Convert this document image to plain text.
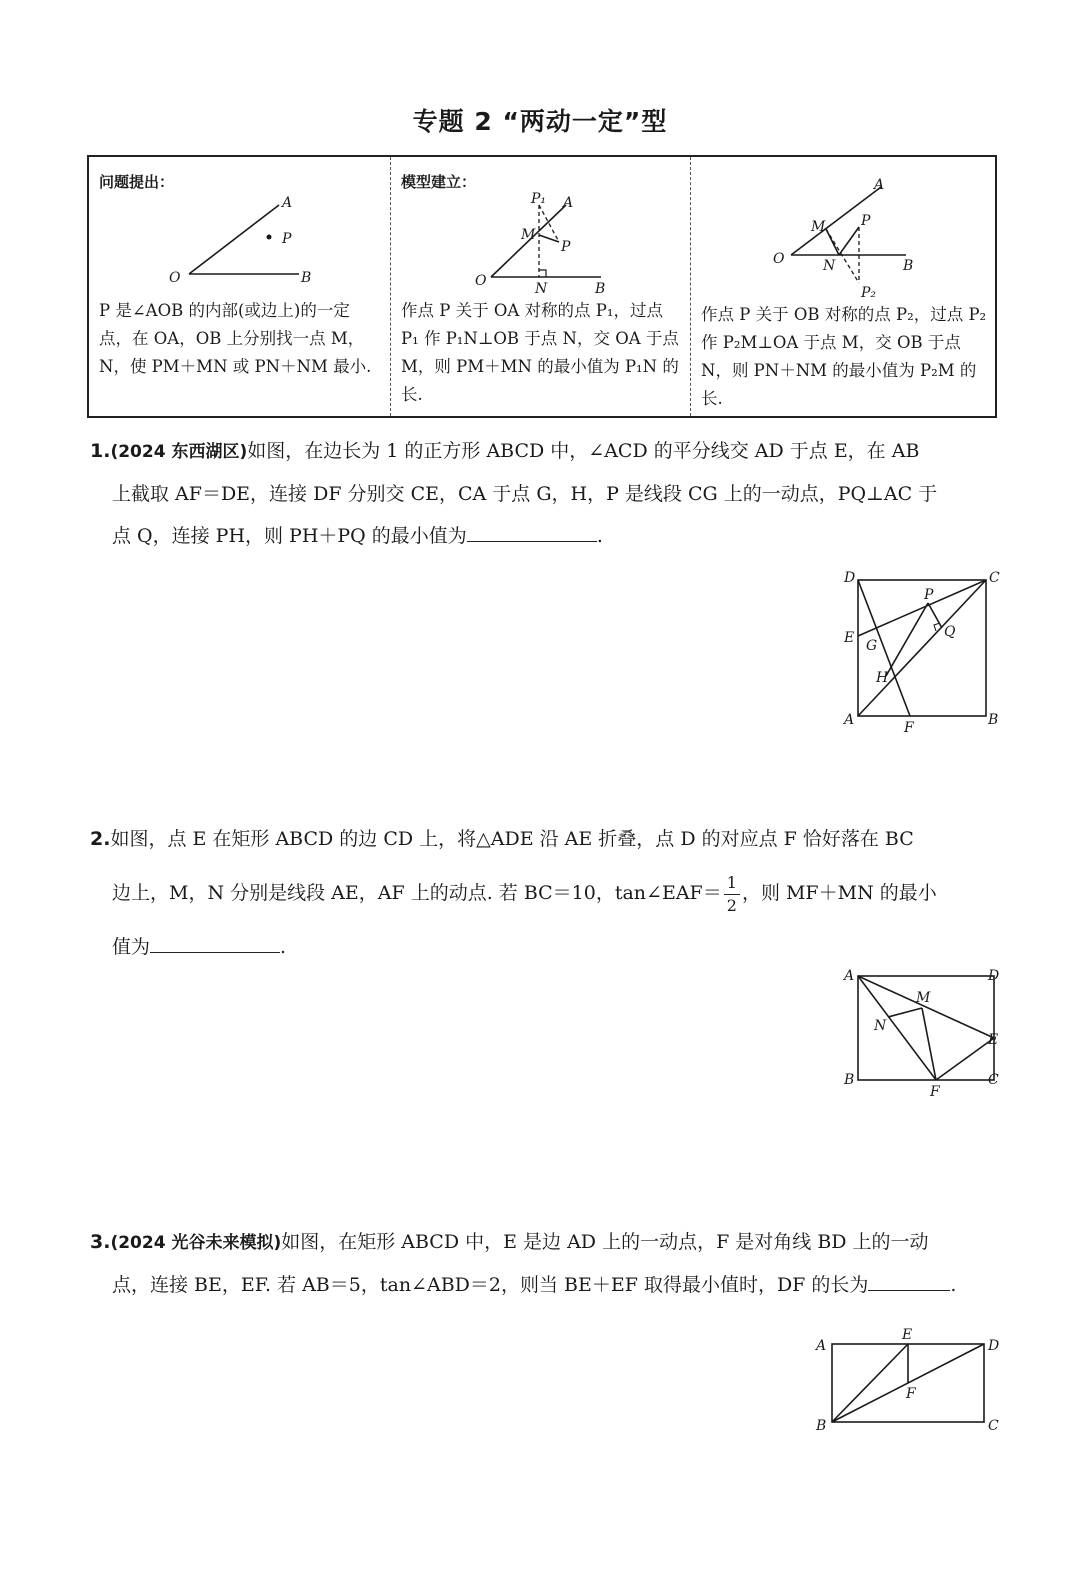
专题 2 “两动一定”型
问题提出：
A
P
O	B
P 是∠AOB 的内部(或边上)的一定点，在 OA，OB 上分别找一点 M，N，使 PM＋MN 或 PN＋NM 最小.
模型建立：
P₁ A
M
P
O	N	B
作点 P 关于 OA 对称的点 P₁，过点 P₁ 作 P₁N⊥OB 于点 N，交 OA 于点 M，则 PM＋MN 的最小值为 P₁N 的长.
A
M	P
O	N	B
P₂
作点 P 关于 OB 对称的点 P₂，过点 P₂ 作 P₂M⊥OA 于点 M，交 OB 于点 N，则 PN＋NM 的最小值为 P₂M 的长.
1.(2024 东西湖区)如图，在边长为 1 的正方形 ABCD 中，∠ACD 的平分线交 AD 于点 E，在 AB
上截取 AF＝DE，连接 DF 分别交 CE，CA 于点 G，H，P 是线段 CG 上的一动点，PQ⊥AC 于
点 Q，连接 PH，则 PH＋PQ 的最小值为	.
D	C
P
E G
Q
H
A	F	B
2.如图，点 E 在矩形 ABCD 的边 CD 上，将△ADE 沿 AE 折叠，点 D 的对应点 F 恰好落在 BC
边上，M，N 分别是线段 AE，AF 上的动点. 若 BC＝10，tan∠EAF＝ $\frac{1}{2}$ ，则 MF＋MN 的最小
值为	.
A	D
M
N
E
B
F
C
3.(2024 光谷未来模拟)如图，在矩形 ABCD 中，E 是边 AD 上的一动点，F 是对角线 BD 上的一动
点，连接 BE，EF. 若 AB＝5，tan∠ABD＝2，则当 BE＋EF 取得最小值时，DF 的长为	.
E
A	D
F
B	C
